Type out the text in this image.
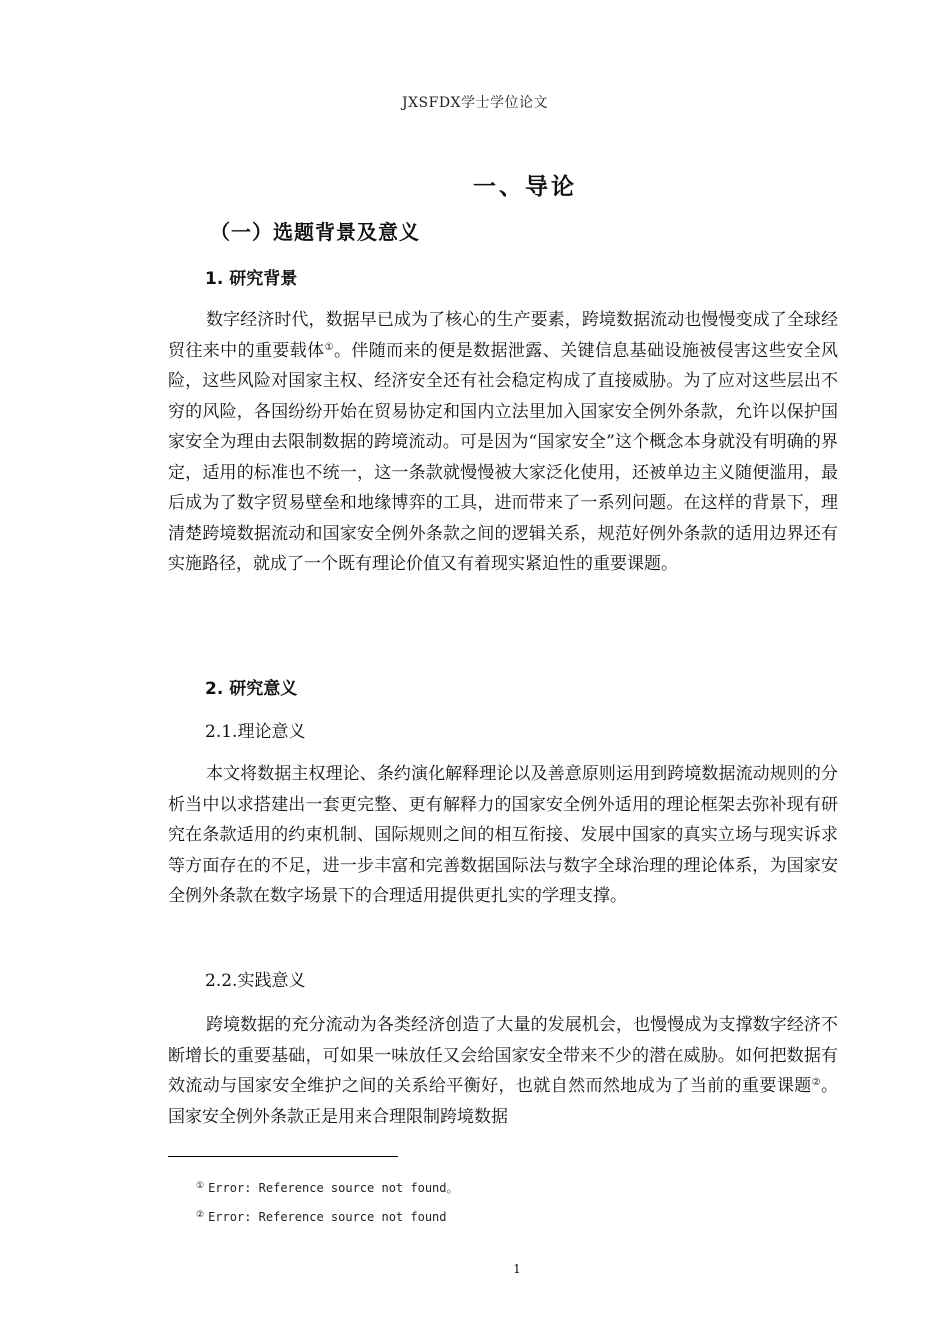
JXSFDX学士学位论文
一、导论
（一）选题背景及意义
1. 研究背景

数字经济时代，数据早已成为了核心的生产要素，跨境数据流动也慢慢变成了全球经贸往来中的重要载体①。伴随而来的便是数据泄露、关键信息基础设施被侵害这些安全风险，这些风险对国家主权、经济安全还有社会稳定构成了直接威胁。为了应对这些层出不穷的风险，各国纷纷开始在贸易协定和国内立法里加入国家安全例外条款，允许以保护国家安全为理由去限制数据的跨境流动。可是因为“国家安全”这个概念本身就没有明确的界定，适用的标准也不统一，这一条款就慢慢被大家泛化使用，还被单边主义随便滥用，最后成为了数字贸易壁垒和地缘博弈的工具，进而带来了一系列问题。在这样的背景下，理清楚跨境数据流动和国家安全例外条款之间的逻辑关系，规范好例外条款的适用边界还有实施路径，就成了一个既有理论价值又有着现实紧迫性的重要课题。

2. 研究意义
2.1.理论意义

本文将数据主权理论、条约演化解释理论以及善意原则运用到跨境数据流动规则的分析当中以求搭建出一套更完整、更有解释力的国家安全例外适用的理论框架去弥补现有研究在条款适用的约束机制、国际规则之间的相互衔接、发展中国家的真实立场与现实诉求等方面存在的不足，进一步丰富和完善数据国际法与数字全球治理的理论体系，为国家安全例外条款在数字场景下的合理适用提供更扎实的学理支撑。

2.2.实践意义

跨境数据的充分流动为各类经济创造了大量的发展机会，也慢慢成为支撑数字经济不断增长的重要基础，可如果一味放任又会给国家安全带来不少的潜在威胁。如何把数据有效流动与国家安全维护之间的关系给平衡好，也就自然而然地成为了当前的重要课题②。国家安全例外条款正是用来合理限制跨境数据

① Error: Reference source not found。
② Error: Reference source not found
1
